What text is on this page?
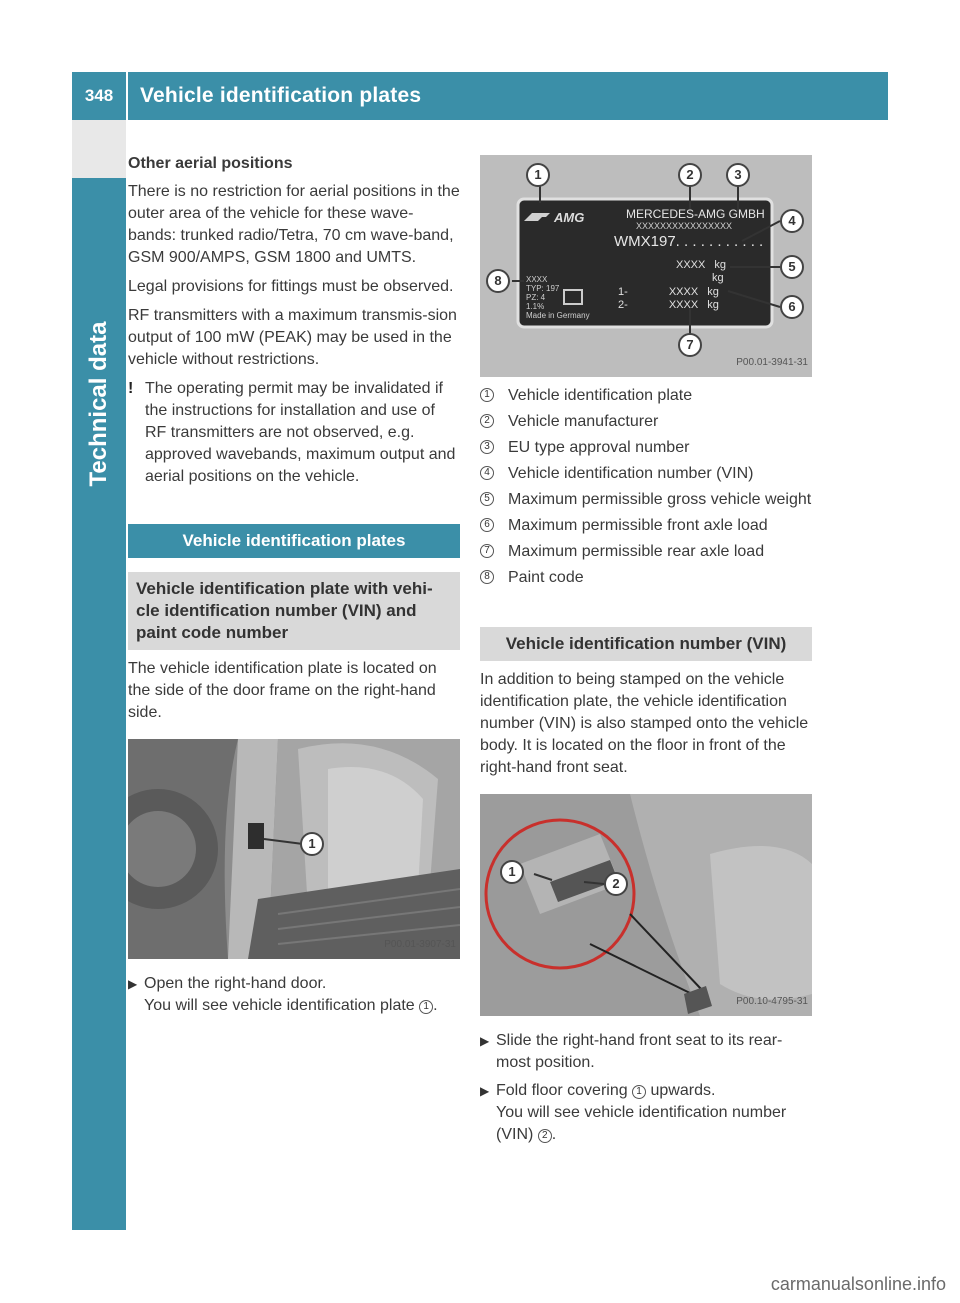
348	Vehicle identification plates
Technical data

Other aerial positions

There is no restriction for aerial positions in the outer area of the vehicle for these wave-bands: trunked radio/Tetra, 70 cm wave-band, GSM 900/AMPS, GSM 1800 and UMTS.

Legal provisions for fittings must be observed.

RF transmitters with a maximum transmis-sion output of 100 mW (PEAK) may be used in the vehicle without restrictions.

! The operating permit may be invalidated if the instructions for installation and use of RF transmitters are not observed, e.g. approved wavebands, maximum output and aerial positions on the vehicle.
Vehicle identification plates
Vehicle identification plate with vehi-cle identification number (VIN) and paint code number

The vehicle identification plate is located on the side of the door frame on the right-hand side.

1
P00.01-3907-31
▶ Open the right-hand door.
You will see vehicle identification plate 1 .
1	2	3
4
5
6
7
8
AMG	MERCEDES-AMG GMBH
XXXXXXXXXXXXXXXX
WMX197. . . . . . . . . . .
XXXX kg
kg
1-	XXXX kg
2-	XXXX kg
XXXX
TYP: 197
PZ: 4
1.1%
Made in Germany
P00.01-3941-31
1 Vehicle identification plate
2 Vehicle manufacturer
3 EU type approval number
4 Vehicle identification number (VIN)
5 Maximum permissible gross vehicle weight
6 Maximum permissible front axle load
7 Maximum permissible rear axle load
8 Paint code
Vehicle identification number (VIN)

In addition to being stamped on the vehicle identification plate, the vehicle identification number (VIN) is also stamped onto the vehicle body. It is located on the floor in front of the right-hand front seat.

1
2
P00.10-4795-31
▶ Slide the right-hand front seat to its rear-most position.
▶ Fold floor covering 1 upwards.
You will see vehicle identification number (VIN) 2 .
carmanualsonline.info
